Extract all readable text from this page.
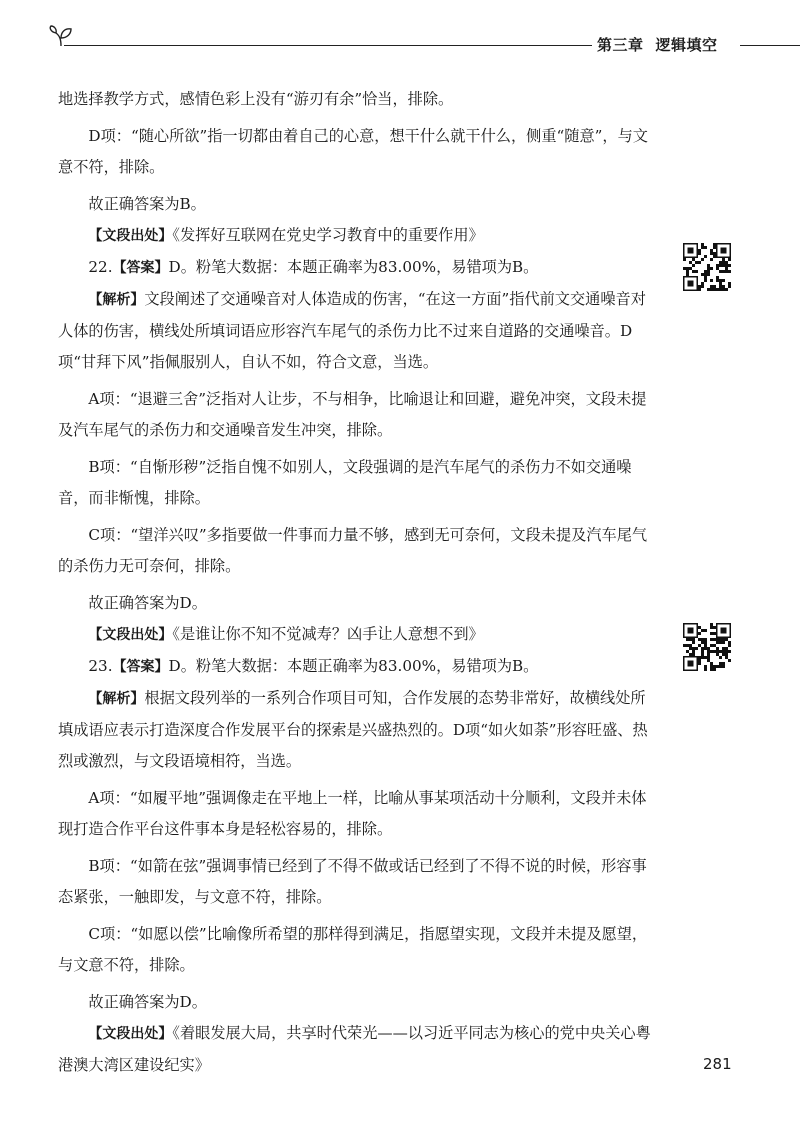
第三章 逻辑填空

地选择教学方式，感情色彩上没有“游刃有余”恰当，排除。

D项：“随心所欲”指一切都由着自己的心意，想干什么就干什么，侧重“随意”，与文意不符，排除。

故正确答案为B。

【文段出处】《发挥好互联网在党史学习教育中的重要作用》

22.【答案】D。粉笔大数据：本题正确率为83.00%，易错项为B。

【解析】文段阐述了交通噪音对人体造成的伤害，“在这一方面”指代前文交通噪音对人体的伤害，横线处所填词语应形容汽车尾气的杀伤力比不过来自道路的交通噪音。D项“甘拜下风”指佩服别人，自认不如，符合文意，当选。

A项：“退避三舍”泛指对人让步，不与相争，比喻退让和回避，避免冲突，文段未提及汽车尾气的杀伤力和交通噪音发生冲突，排除。

B项：“自惭形秽”泛指自愧不如别人，文段强调的是汽车尾气的杀伤力不如交通噪音，而非惭愧，排除。

C项：“望洋兴叹”多指要做一件事而力量不够，感到无可奈何，文段未提及汽车尾气的杀伤力无可奈何，排除。

故正确答案为D。

【文段出处】《是谁让你不知不觉减寿？凶手让人意想不到》

23.【答案】D。粉笔大数据：本题正确率为83.00%，易错项为B。

【解析】根据文段列举的一系列合作项目可知，合作发展的态势非常好，故横线处所填成语应表示打造深度合作发展平台的探索是兴盛热烈的。D项“如火如荼”形容旺盛、热烈或激烈，与文段语境相符，当选。

A项：“如履平地”强调像走在平地上一样，比喻从事某项活动十分顺利，文段并未体现打造合作平台这件事本身是轻松容易的，排除。

B项：“如箭在弦”强调事情已经到了不得不做或话已经到了不得不说的时候，形容事态紧张，一触即发，与文意不符，排除。

C项：“如愿以偿”比喻像所希望的那样得到满足，指愿望实现，文段并未提及愿望，与文意不符，排除。

故正确答案为D。

【文段出处】《着眼发展大局，共享时代荣光——以习近平同志为核心的党中央关心粤港澳大湾区建设纪实》	281
